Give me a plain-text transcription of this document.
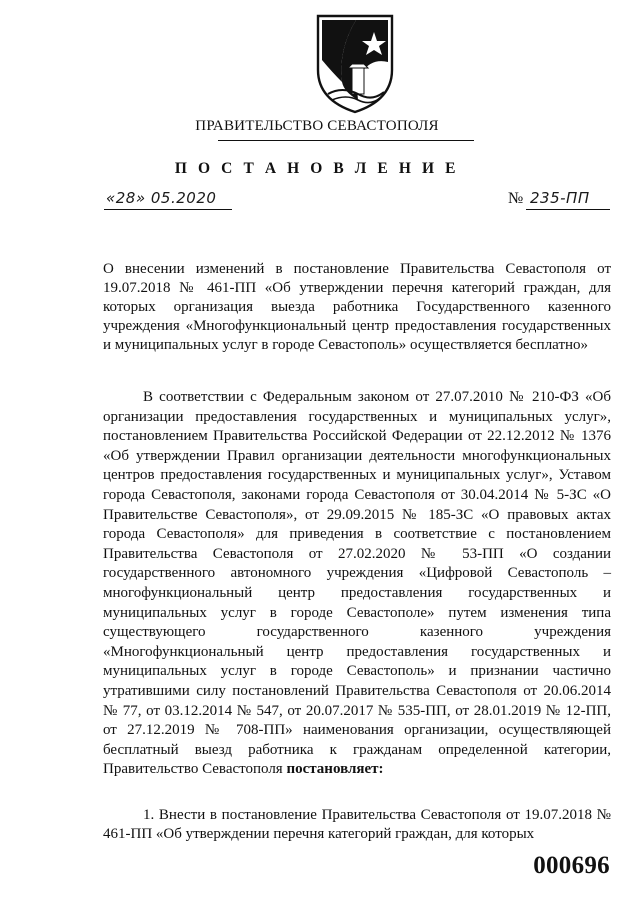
ПРАВИТЕЛЬСТВО СЕВАСТОПОЛЯ
П О С Т А Н О В Л Е Н И Е
«28» 05.2020	№ 235-ПП
О внесении изменений в постановление Правительства Севастополя от 19.07.2018 № 461-ПП «Об утверждении перечня категорий граждан, для которых организация выезда работника Государственного казенного учреждения «Многофункциональный центр предоставления государственных и муниципальных услуг в городе Севастополь» осуществляется бесплатно»

В соответствии с Федеральным законом от 27.07.2010 № 210-ФЗ «Об организации предоставления государственных и муниципальных услуг», постановлением Правительства Российской Федерации от 22.12.2012 № 1376 «Об утверждении Правил организации деятельности многофункциональных центров предоставления государственных и муниципальных услуг», Уставом города Севастополя, законами города Севастополя от 30.04.2014 № 5-ЗС «О Правительстве Севастополя», от 29.09.2015 № 185-ЗС «О правовых актах города Севастополя» для приведения в соответствие с постановлением Правительства Севастополя от 27.02.2020 № 53-ПП «О создании государственного автономного учреждения «Цифровой Севастополь – многофункциональный центр предоставления государственных и муниципальных услуг в городе Севастополе» путем изменения типа существующего государственного казенного учреждения «Многофункциональный центр предоставления государственных и муниципальных услуг в городе Севастополь» и признании частично утратившими силу постановлений Правительства Севастополя от 20.06.2014 № 77, от 03.12.2014 № 547, от 20.07.2017 № 535-ПП, от 28.01.2019 № 12-ПП, от 27.12.2019 № 708-ПП» наименования организации, осуществляющей бесплатный выезд работника к гражданам определенной категории, Правительство Севастополя постановляет:

1. Внести в постановление Правительства Севастополя от 19.07.2018 № 461-ПП «Об утверждении перечня категорий граждан, для которых

000696
